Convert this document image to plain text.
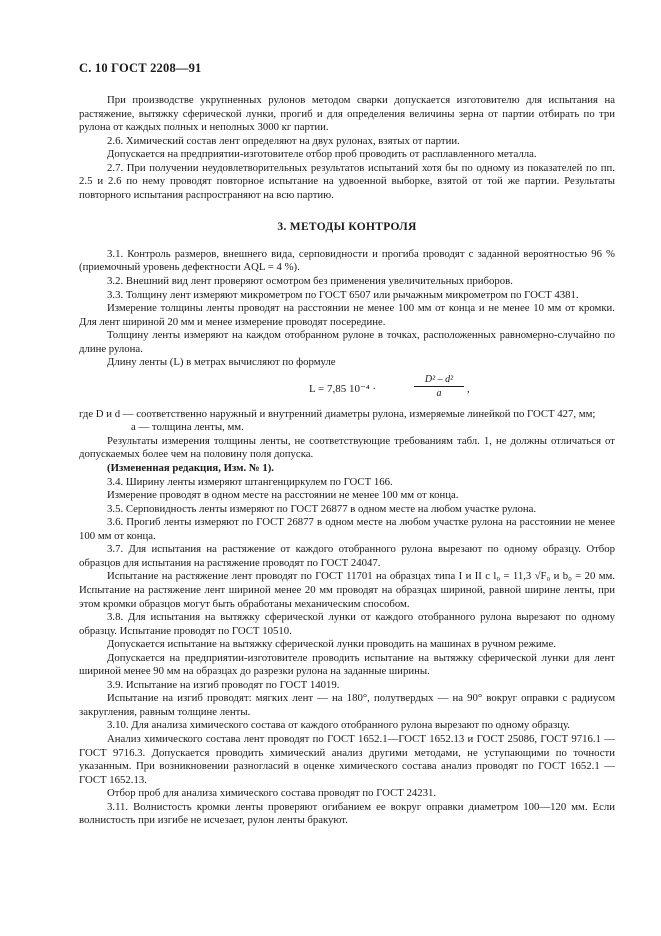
С. 10 ГОСТ 2208—91

При производстве укрупненных рулонов методом сварки допускается изготовителю для испытания на растяжение, вытяжку сферической лунки, прогиб и для определения величины зерна от партии отбирать по три рулона от каждых полных и неполных 3000 кг партии.

2.6. Химический состав лент определяют на двух рулонах, взятых от партии.

Допускается на предприятии-изготовителе отбор проб проводить от расплавленного металла.

2.7. При получении неудовлетворительных результатов испытаний хотя бы по одному из показателей по пп. 2.5 и 2.6 по нему проводят повторное испытание на удвоенной выборке, взятой от той же партии. Результаты повторного испытания распространяют на всю партию.

3. МЕТОДЫ КОНТРОЛЯ

3.1. Контроль размеров, внешнего вида, серповидности и прогиба проводят с заданной вероятностью 96 % (приемочный уровень дефектности AQL = 4 %).

3.2. Внешний вид лент проверяют осмотром без применения увеличительных приборов.

3.3. Толщину лент измеряют микрометром по ГОСТ 6507 или рычажным микрометром по ГОСТ 4381.

Измерение толщины ленты проводят на расстоянии не менее 100 мм от конца и не менее 10 мм от кромки. Для лент шириной 20 мм и менее измерение проводят посередине.

Толщину ленты измеряют на каждом отобранном рулоне в точках, расположенных равномерно-случайно по длине рулона.

Длину ленты (L) в метрах вычисляют по формуле

L = 7,85 10⁻⁴ ·	$\frac{\text{D² – d²}}{a}$ ,

где D и d — соответственно наружный и внутренний диаметры рулона, измеряемые линейкой по ГОСТ 427, мм;

a — толщина ленты, мм.

Результаты измерения толщины ленты, не соответствующие требованиям табл. 1, не должны отличаться от допускаемых более чем на половину поля допуска.

(Измененная редакция, Изм. № 1).

3.4. Ширину ленты измеряют штангенциркулем по ГОСТ 166.

Измерение проводят в одном месте на расстоянии не менее 100 мм от конца.

3.5. Серповидность ленты измеряют по ГОСТ 26877 в одном месте на любом участке рулона.

3.6. Прогиб ленты измеряют по ГОСТ 26877 в одном месте на любом участке рулона на расстоянии не менее 100 мм от конца.

3.7. Для испытания на растяжение от каждого отобранного рулона вырезают по одному образцу. Отбор образцов для испытания на растяжение проводят по ГОСТ 24047.

Испытание на растяжение лент проводят по ГОСТ 11701 на образцах типа I и II с l₀ = 11,3 √F₀ и b₀ = 20 мм. Испытание на растяжение лент шириной менее 20 мм проводят на образцах шириной, равной ширине ленты, при этом кромки образцов могут быть обработаны механическим способом.

3.8. Для испытания на вытяжку сферической лунки от каждого отобранного рулона вырезают по одному образцу. Испытание проводят по ГОСТ 10510.

Допускается испытание на вытяжку сферической лунки проводить на машинах в ручном режиме.

Допускается на предприятии-изготовителе проводить испытание на вытяжку сферической лунки для лент шириной менее 90 мм на образцах до разрезки рулона на заданные ширины.

3.9. Испытание на изгиб проводят по ГОСТ 14019.

Испытание на изгиб проводят: мягких лент — на 180°, полутвердых — на 90° вокруг оправки с радиусом закругления, равным толщине ленты.

3.10. Для анализа химического состава от каждого отобранного рулона вырезают по одному образцу.

Анализ химического состава лент проводят по ГОСТ 1652.1—ГОСТ 1652.13 и ГОСТ 25086, ГОСТ 9716.1 — ГОСТ 9716.3. Допускается проводить химический анализ другими методами, не уступающими по точности указанным. При возникновении разногласий в оценке химического состава анализ проводят по ГОСТ 1652.1 — ГОСТ 1652.13.

Отбор проб для анализа химического состава проводят по ГОСТ 24231.

3.11. Волнистость кромки ленты проверяют огибанием ее вокруг оправки диаметром 100—120 мм. Если волнистость при изгибе не исчезает, рулон ленты бракуют.
